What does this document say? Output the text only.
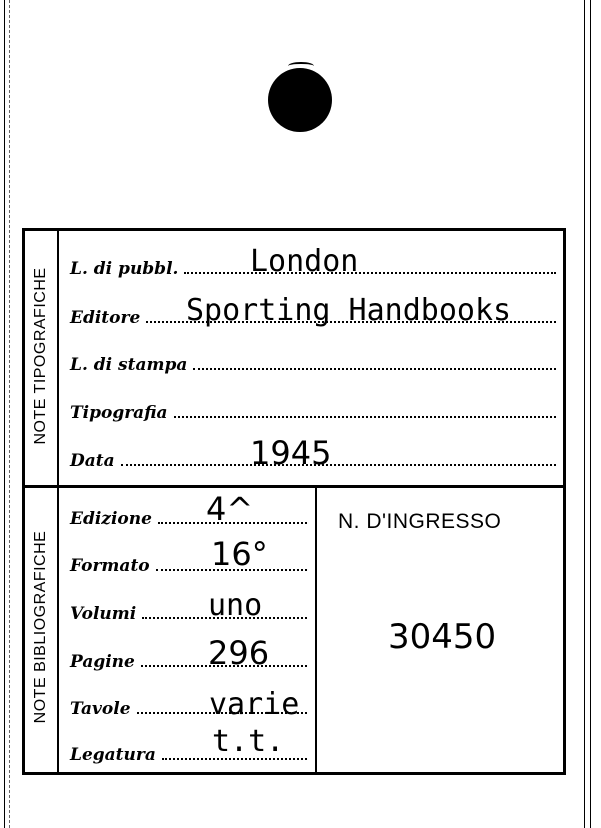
NOTE TIPOGRAFICHE
NOTE BIBLIOGRAFICHE
L. di pubbl. London
Editore Sporting Handbooks
L. di stampa
Tipografia
Data	1945
Edizione 4^
Formato 16°
Volumi uno
Pagine 296
Tavole	varie
Legatura t.t.
N. D'INGRESSO
30450
